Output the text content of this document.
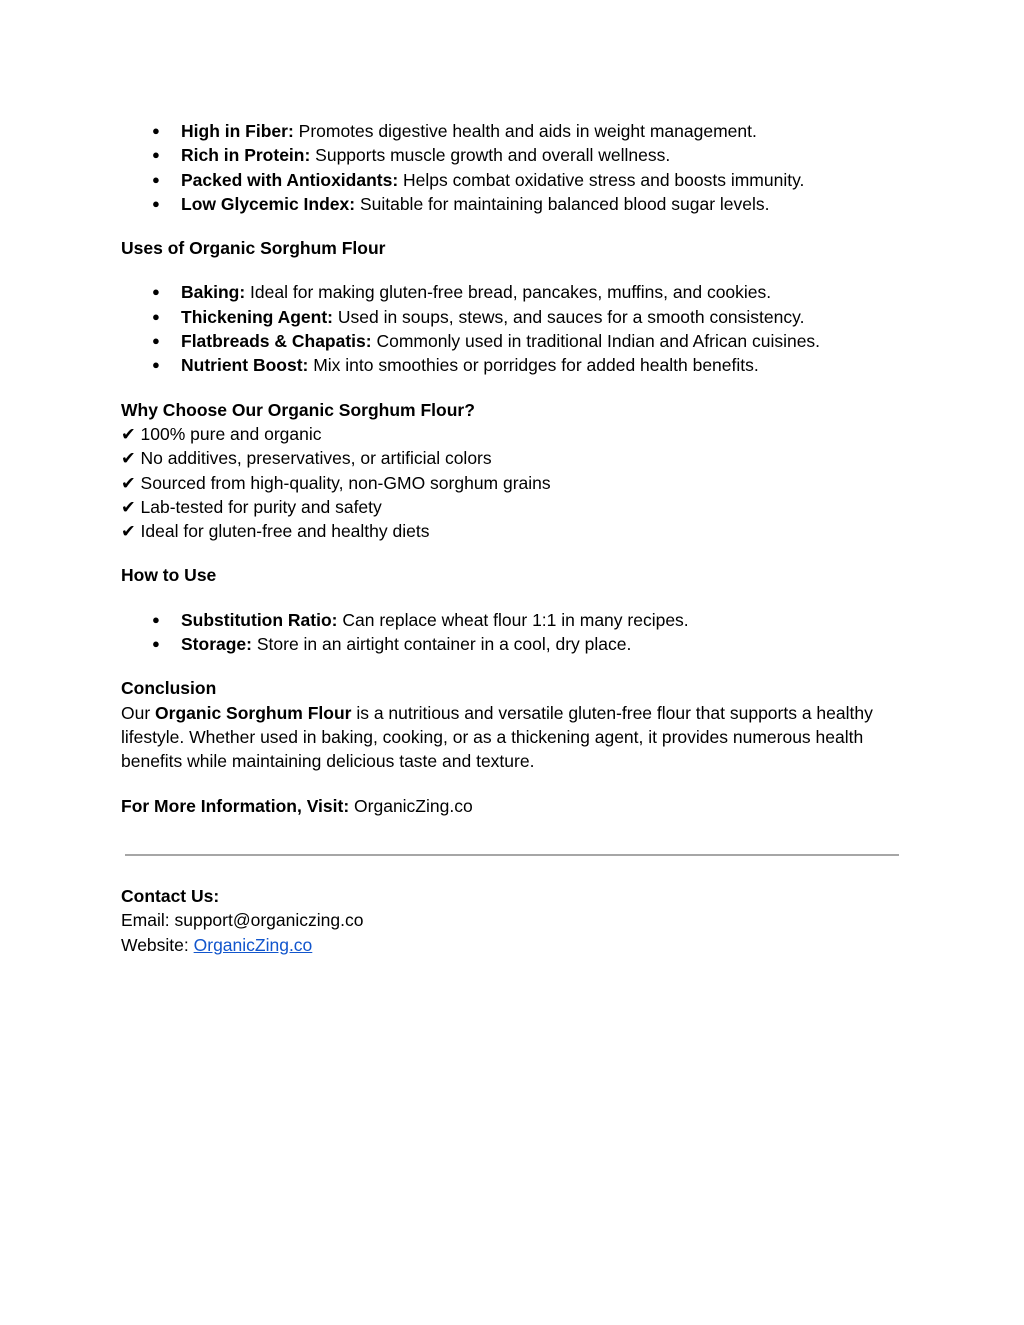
● High in Fiber: Promotes digestive health and aids in weight management.
● Rich in Protein: Supports muscle growth and overall wellness.
● Packed with Antioxidants: Helps combat oxidative stress and boosts immunity.
● Low Glycemic Index: Suitable for maintaining balanced blood sugar levels.
Uses of Organic Sorghum Flour
● Baking: Ideal for making gluten-free bread, pancakes, muffins, and cookies.
● Thickening Agent: Used in soups, stews, and sauces for a smooth consistency.
● Flatbreads & Chapatis: Commonly used in traditional Indian and African cuisines.
● Nutrient Boost: Mix into smoothies or porridges for added health benefits.
Why Choose Our Organic Sorghum Flour?
✔ 100% pure and organic
✔ No additives, preservatives, or artificial colors
✔ Sourced from high-quality, non-GMO sorghum grains
✔ Lab-tested for purity and safety
✔ Ideal for gluten-free and healthy diets
How to Use
● Substitution Ratio: Can replace wheat flour 1:1 in many recipes.
● Storage: Store in an airtight container in a cool, dry place.
Conclusion
Our Organic Sorghum Flour is a nutritious and versatile gluten-free flour that supports a healthy lifestyle. Whether used in baking, cooking, or as a thickening agent, it provides numerous health benefits while maintaining delicious taste and texture.
For More Information, Visit: OrganicZing.co
Contact Us:
Email: support@organiczing.co
Website: OrganicZing.co
